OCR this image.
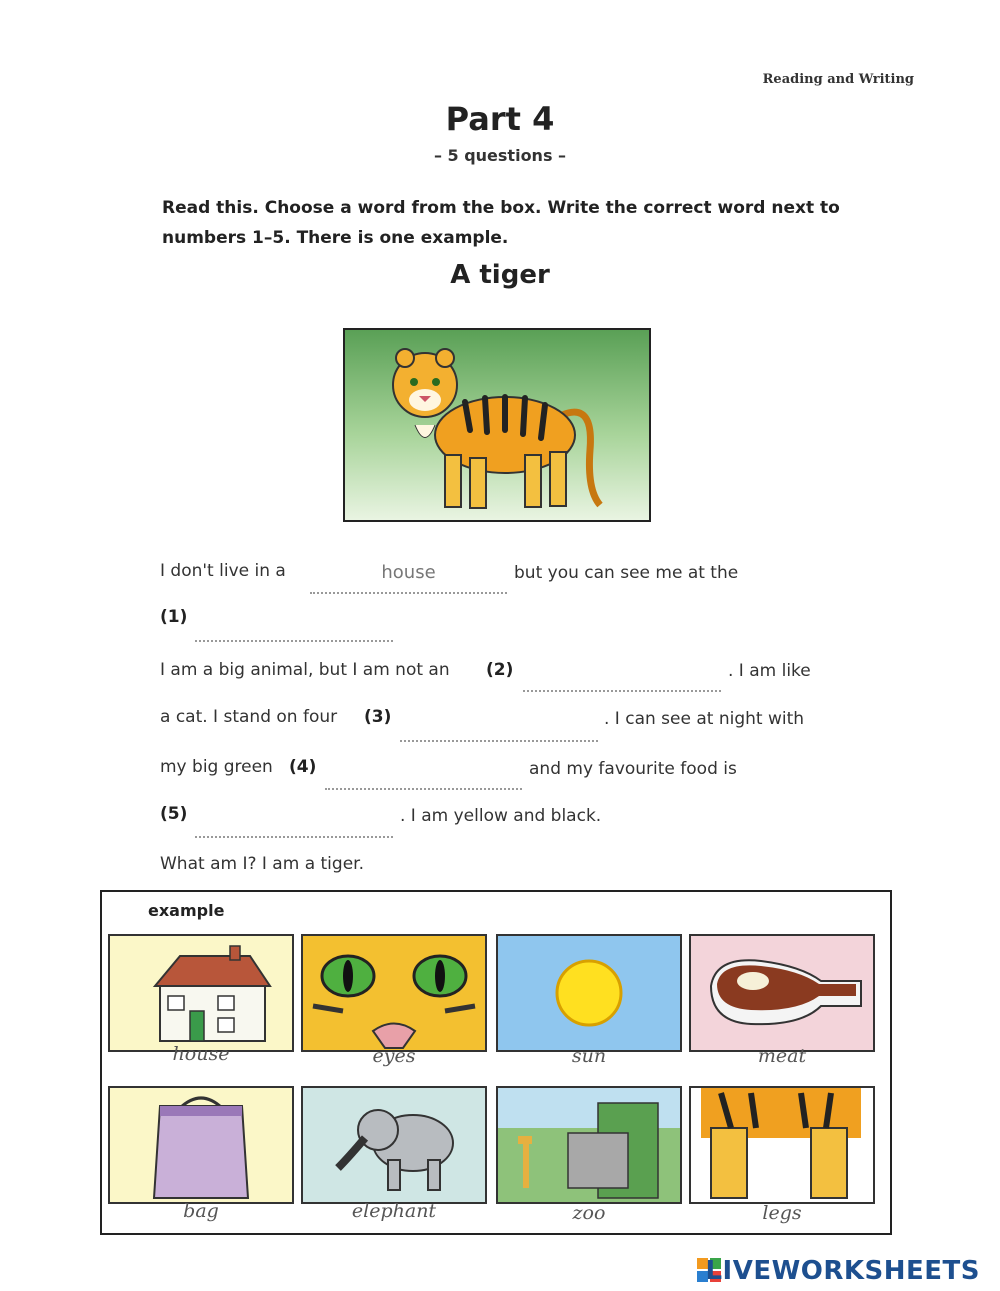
Reading and Writing
Part 4
– 5 questions –
Read this. Choose a word from the box. Write the correct word next to numbers 1–5. There is one example.
A tiger
I don't live in a	house	but you can see me at the
(1)
I am a big animal, but I am not an (2)	. I am like
a cat. I stand on four (3)	. I can see at night with
my big green (4)	and my favourite food is
(5)	. I am yellow and black.
What am I? I am a tiger.
example
house	eyes	sun	meat
bag	elephant	zoo	legs
LIVEWORKSHEETS
